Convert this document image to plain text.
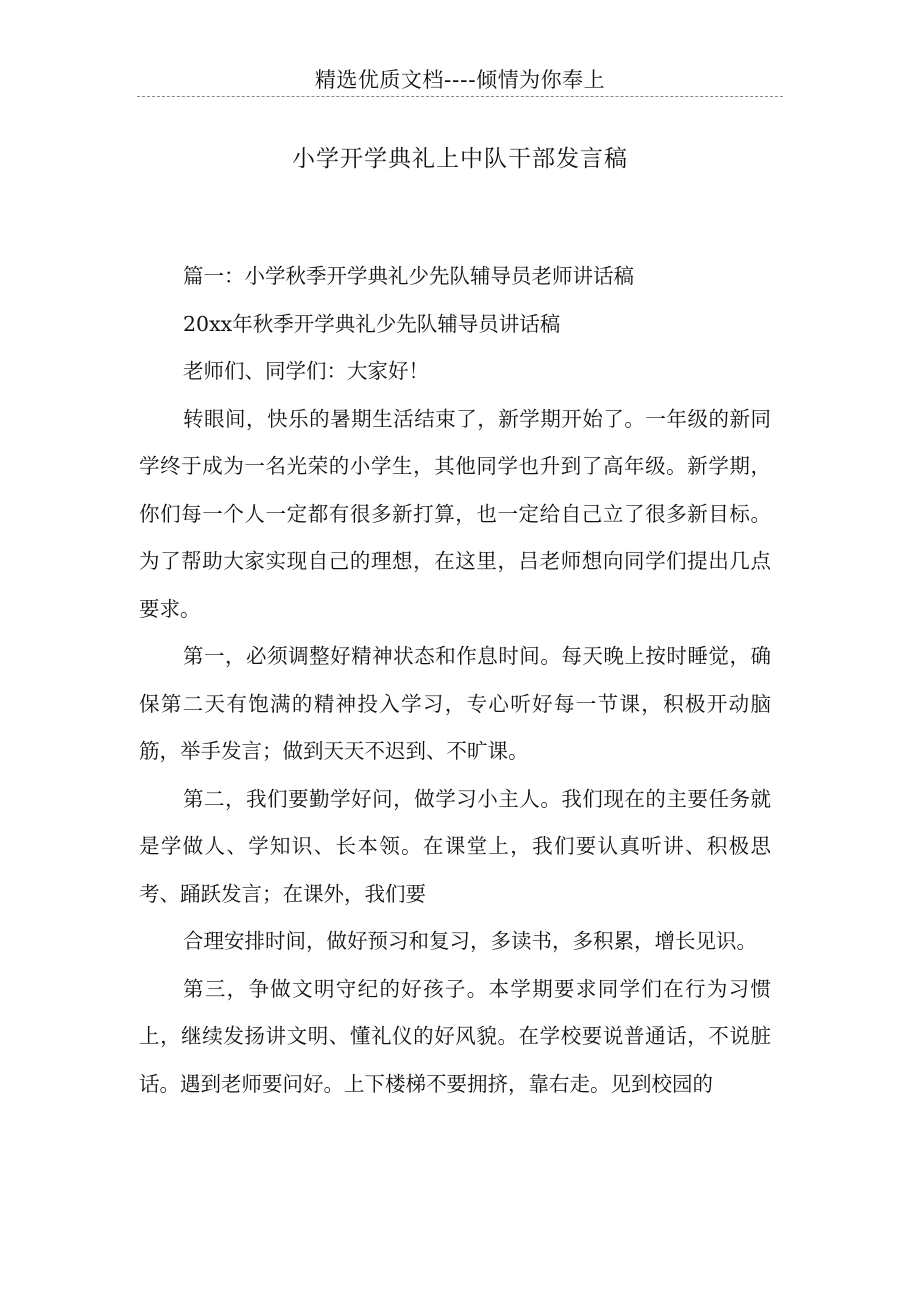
精选优质文档----倾情为你奉上
小学开学典礼上中队干部发言稿

篇一：小学秋季开学典礼少先队辅导员老师讲话稿

20xx年秋季开学典礼少先队辅导员讲话稿

老师们、同学们：大家好！

转眼间，快乐的暑期生活结束了，新学期开始了。一年级的新同学终于成为一名光荣的小学生，其他同学也升到了高年级。新学期，你们每一个人一定都有很多新打算，也一定给自己立了很多新目标。为了帮助大家实现自己的理想，在这里，吕老师想向同学们提出几点要求。

第一，必须调整好精神状态和作息时间。每天晚上按时睡觉，确保第二天有饱满的精神投入学习，专心听好每一节课，积极开动脑筋，举手发言；做到天天不迟到、不旷课。

第二，我们要勤学好问，做学习小主人。我们现在的主要任务就是学做人、学知识、长本领。在课堂上，我们要认真听讲、积极思考、踊跃发言；在课外，我们要

合理安排时间，做好预习和复习，多读书，多积累，增长见识。

第三，争做文明守纪的好孩子。本学期要求同学们在行为习惯上，继续发扬讲文明、懂礼仪的好风貌。在学校要说普通话，不说脏话。遇到老师要问好。上下楼梯不要拥挤，靠右走。见到校园的
